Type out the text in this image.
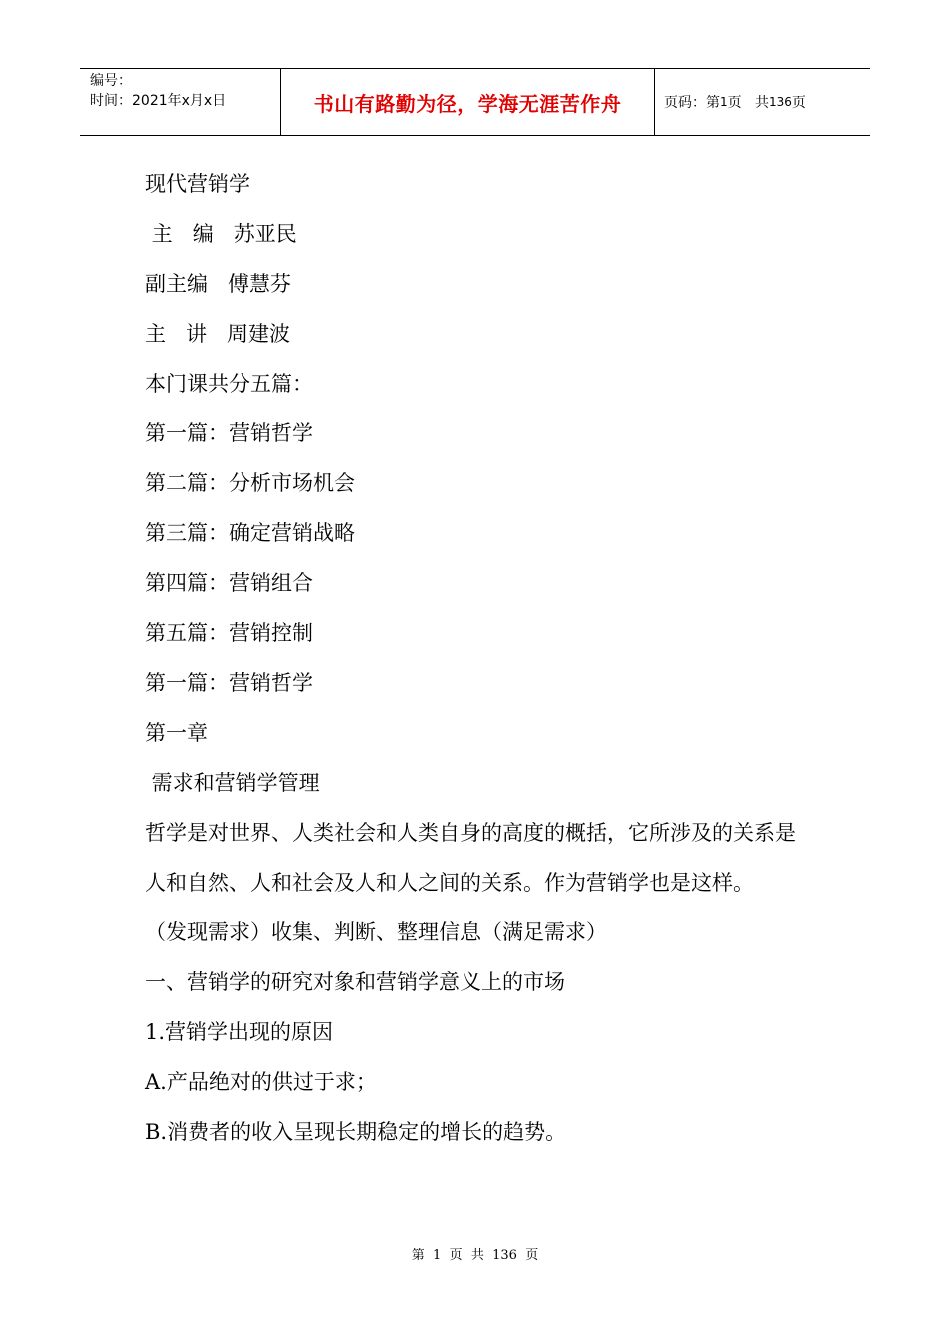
编号：
时间：2021年x月x日	书山有路勤为径，学海无涯苦作舟	页码：第 1 页   共 136 页
现代营销学
主   编   苏亚民
副主编   傅慧芬
主   讲   周建波
本门课共分五篇：
第一篇：营销哲学
第二篇：分析市场机会
第三篇：确定营销战略
第四篇：营销组合
第五篇：营销控制
第一篇：营销哲学
第一章
需求和营销学管理
哲学是对世界、人类社会和人类自身的高度的概括，它所涉及的关系是人和自然、人和社会及人和人之间的关系。作为营销学也是这样。
（发现需求）收集、判断、整理信息（满足需求）
一、营销学的研究对象和营销学意义上的市场
1.营销学出现的原因
A.产品绝对的供过于求；
B.消费者的收入呈现长期稳定的增长的趋势。
第  1  页  共  136  页
